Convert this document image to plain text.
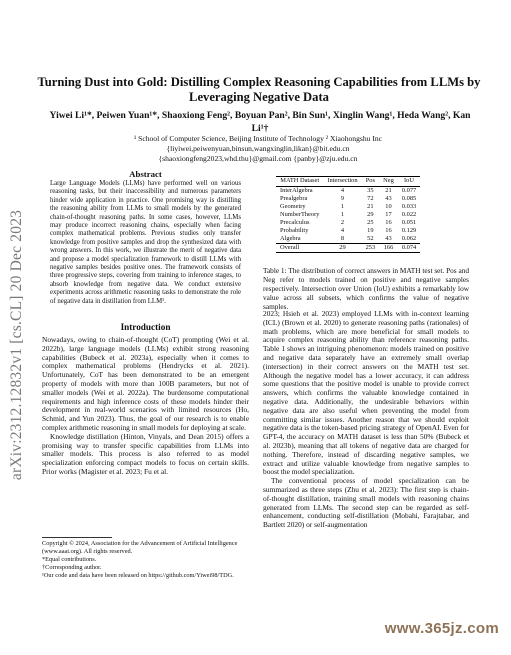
arXiv:2312.12832v1 [cs.CL] 20 Dec 2023
Turning Dust into Gold: Distilling Complex Reasoning Capabilities from LLMs by Leveraging Negative Data
Yiwei Li¹*, Peiwen Yuan¹*, Shaoxiong Feng², Boyuan Pan², Bin Sun¹, Xinglin Wang¹, Heda Wang², Kan Li¹†
¹ School of Computer Science, Beijing Institute of Technology ² Xiaohongshu Inc
{liyiwei,peiwenyuan,binsun,wangxinglin,likan}@bit.edu.cn
{shaoxiongfeng2023,whd.thu}@gmail.com {panby}@zju.edu.cn
Abstract
Large Language Models (LLMs) have performed well on various reasoning tasks, but their inaccessibility and numerous parameters hinder wide application in practice. One promising way is distilling the reasoning ability from LLMs to small models by the generated chain-of-thought reasoning paths. In some cases, however, LLMs may produce incorrect reasoning chains, especially when facing complex mathematical problems. Previous studies only transfer knowledge from positive samples and drop the synthesized data with wrong answers. In this work, we illustrate the merit of negative data and propose a model specialization framework to distill LLMs with negative samples besides positive ones. The framework consists of three progressive steps, covering from training to inference stages, to absorb knowledge from negative data. We conduct extensive experiments across arithmetic reasoning tasks to demonstrate the role of negative data in distillation from LLM¹.
Introduction

Nowadays, owing to chain-of-thought (CoT) prompting (Wei et al. 2022b), large language models (LLMs) exhibit strong reasoning capabilities (Bubeck et al. 2023a), especially when it comes to complex mathematical problems (Hendrycks et al. 2021). Unfortunately, CoT has been demonstrated to be an emergent property of models with more than 100B parameters, but not of smaller models (Wei et al. 2022a). The burdensome computational requirements and high inference costs of these models hinder their development in real-world scenarios with limited resources (Ho, Schmid, and Yun 2023). Thus, the goal of our research is to enable complex arithmetic reasoning in small models for deploying at scale.

Knowledge distillation (Hinton, Vinyals, and Dean 2015) offers a promising way to transfer specific capabilities from LLMs into smaller models. This process is also referred to as model specialization enforcing compact models to focus on certain skills. Prior works (Magister et al. 2023; Fu et al.

Copyright © 2024, Association for the Advancement of Artificial Intelligence (www.aaai.org). All rights reserved.
*Equal contributions.
†Corresponding author.
¹Our code and data have been released on https://github.com/Yiwei98/TDG.
MATH Dataset	Intersection	Pos	Neg	IoU
InterAlgebra	4	35	21	0.077
Prealgebra	9	72	43	0.085
Geometry	1	21	10	0.033
NumberTheory	1	29	17	0.022
Precalculus	2	25	16	0.051
Probability	4	19	16	0.129
Algebra	8	52	43	0.062
Overall	29	253	166	0.074
Table 1: The distribution of correct answers in MATH test set. Pos and Neg refer to models trained on positive and negative samples respectively. Intersection over Union (IoU) exhibits a remarkably low value across all subsets, which confirms the value of negative samples.

2023; Hsieh et al. 2023) employed LLMs with in-context learning (ICL) (Brown et al. 2020) to generate reasoning paths (rationales) of math problems, which are more beneficial for small models to acquire complex reasoning ability than reference reasoning paths. Table 1 shows an intriguing phenomenon: models trained on positive and negative data separately have an extremely small overlap (intersection) in their correct answers on the MATH test set. Although the negative model has a lower accuracy, it can address some questions that the positive model is unable to provide correct answers, which confirms the valuable knowledge contained in negative data. Additionally, the undesirable behaviors within negative data are also useful when preventing the model from committing similar issues. Another reason that we should exploit negative data is the token-based pricing strategy of OpenAI. Even for GPT-4, the accuracy on MATH dataset is less than 50% (Bubeck et al. 2023b), meaning that all tokens of negative data are charged for nothing. Therefore, instead of discarding negative samples, we extract and utilize valuable knowledge from negative samples to boost the model specialization.

The conventional process of model specialization can be summarized as three steps (Zhu et al. 2023): The first step is chain-of-thought distillation, training small models with reasoning chains generated from LLMs. The second step can be regarded as self-enhancement, conducting self-distillation (Mobahi, Farajtabar, and Bartlett 2020) or self-augmentation

www.365jz.com
